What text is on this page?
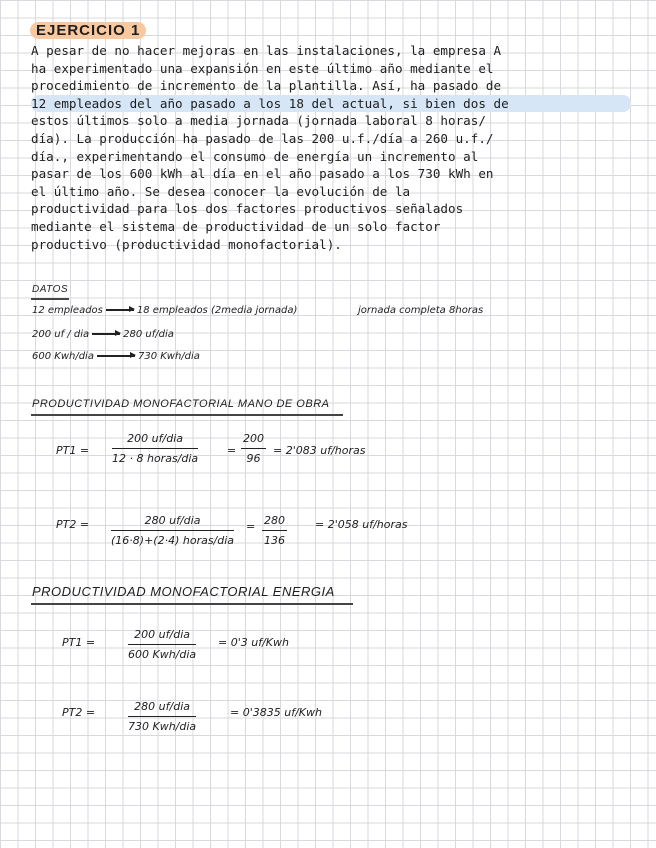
EJERCICIO 1
A pesar de no hacer mejoras en las instalaciones, la empresa A
ha experimentado una expansión en este último año mediante el
procedimiento de incremento de la plantilla. Así, ha pasado de
12 empleados del año pasado a los 18 del actual, si bien dos de
estos últimos solo a media jornada (jornada laboral 8 horas/
día). La producción ha pasado de las 200 u.f./día a 260 u.f./
día., experimentando el consumo de energía un incremento al
pasar de los 600 kWh al día en el año pasado a los 730 kWh en
el último año. Se desea conocer la evolución de la
productividad para los dos factores productivos señalados
mediante el sistema de productividad de un solo factor
productivo (productividad monofactorial).
DATOS
12 empleados	18 empleados (2media jornada)	jornada completa 8horas
200 uf / dia	280 uf/dia
600 Kwh/dia	730 Kwh/dia
PRODUCTIVIDAD MONOFACTORIAL MANO DE OBRA
PT1 =
200 uf/dia
12 · 8 horas/dia
=
200
96
= 2'083 uf/horas
PT2 =	280 uf/dia
(16·8)+(2·4) horas/dia
= 280
136
= 2'058 uf/horas
PRODUCTIVIDAD MONOFACTORIAL ENERGIA
PT1 =
200 uf/dia
600 Kwh/dia
= 0'3 uf/Kwh
PT2 =	280 uf/dia
730 Kwh/dia
= 0'3835 uf/Kwh
